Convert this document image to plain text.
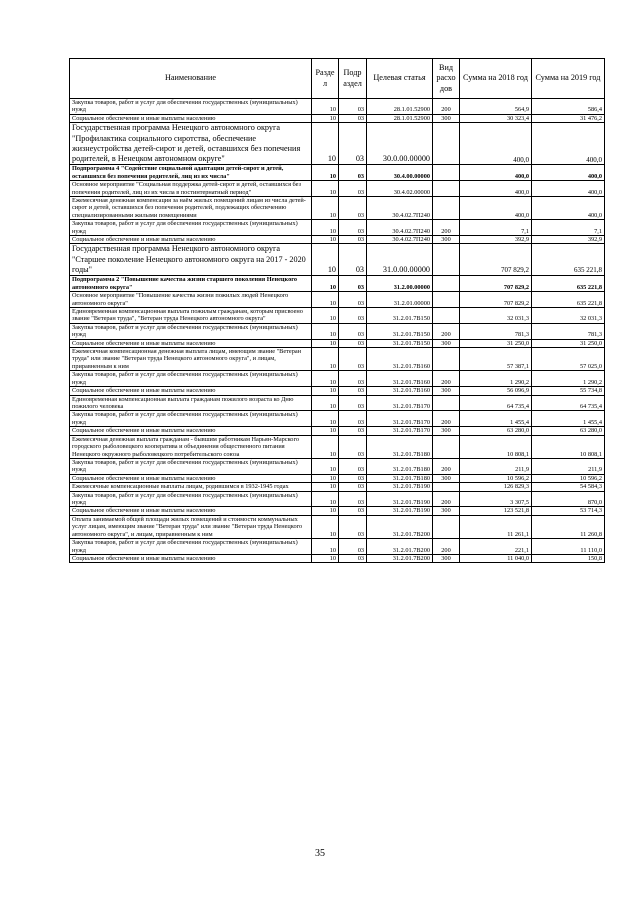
Наименование	Разде л	Подр аздел	Целевая статья	Вид расхо дов	Сумма на 2018 год	Сумма на 2019 год
Закупка товаров, работ и услуг для обеспечения государственных (муниципальных) нужд	10	03	28.1.01.52900	200	564,9	586,4
Социальное обеспечение и иные выплаты населению	10	03	28.1.01.52900	300	30 323,4	31 476,2
Государственная программа Ненецкого автономного округа "Профилактика социального сиротства, обеспечение жизнеустройства детей-сирот и детей, оставшихся без попечения родителей, в Ненецком автономном округе"	10	03	30.0.00.00000		400,0	400,0
Подпрограмма 4 "Содействие социальной адаптации детей-сирот и детей, оставшихся без попечения родителей, лиц из их числа"	10	03	30.4.00.00000		400,0	400,0
Основное мероприятие "Социальная поддержка детей-сирот и детей, оставшихся без попечения родителей, лиц из их числа в постинтернатный период"	10	03	30.4.02.00000		400,0	400,0
Ежемесячная денежная компенсация за наём жилых помещений лицам из числа детей-сирот и детей, оставшихся без попечения родителей, подлежащих обеспечению специализированными жилыми помещениями	10	03	30.4.02.7П240		400,0	400,0
Закупка товаров, работ и услуг для обеспечения государственных (муниципальных) нужд	10	03	30.4.02.7П240	200	7,1	7,1
Социальное обеспечение и иные выплаты населению	10	03	30.4.02.7П240	300	392,9	392,9
Государственная программа Ненецкого автономного округа "Старшее поколение Ненецкого автономного округа на 2017 - 2020 годы"	10	03	31.0.00.00000		707 829,2	635 221,8
Подпрограмма 2 "Повышение качества жизни старшего поколения Ненецкого автономного округа"	10	03	31.2.00.00000		707 829,2	635 221,8
Основное мероприятие "Повышение качества жизни пожилых людей Ненецкого автономного округа"	10	03	31.2.01.00000		707 829,2	635 221,8
Единовременная компенсационная выплата пожилым гражданам, которым присвоено звание "Ветеран труда", "Ветеран труда Ненецкого автономного округа"	10	03	31.2.01.7В150		32 031,3	32 031,3
Закупка товаров, работ и услуг для обеспечения государственных (муниципальных) нужд	10	03	31.2.01.7В150	200	781,3	781,3
Социальное обеспечение и иные выплаты населению	10	03	31.2.01.7В150	300	31 250,0	31 250,0
Ежемесячная компенсационная денежная выплата лицам, имеющим звание "Ветеран труда" или звание "Ветеран труда Ненецкого автономного округа", и лицам, приравненным к ним	10	03	31.2.01.7В160		57 387,1	57 025,0
Закупка товаров, работ и услуг для обеспечения государственных (муниципальных) нужд	10	03	31.2.01.7В160	200	1 290,2	1 290,2
Социальное обеспечение и иные выплаты населению	10	03	31.2.01.7В160	300	56 096,9	55 734,8
Единовременная компенсационная выплата гражданам пожилого возраста ко Дню пожилого человека	10	03	31.2.01.7В170		64 735,4	64 735,4
Закупка товаров, работ и услуг для обеспечения государственных (муниципальных) нужд	10	03	31.2.01.7В170	200	1 455,4	1 455,4
Социальное обеспечение и иные выплаты населению	10	03	31.2.01.7В170	300	63 280,0	63 280,0
Ежемесячная денежная выплата гражданам - бывшим работникам Нарьян-Марского городского рыболовецкого кооператива и объединения общественного питания Ненецкого окружного рыболовецкого потребительского союза	10	03	31.2.01.7В180		10 808,1	10 808,1
Закупка товаров, работ и услуг для обеспечения государственных (муниципальных) нужд	10	03	31.2.01.7В180	200	211,9	211,9
Социальное обеспечение и иные выплаты населению	10	03	31.2.01.7В180	300	10 596,2	10 596,2
Ежемесячные компенсационные выплаты лицам, родившимся в 1932-1945 годах	10	03	31.2.01.7В190		126 829,3	54 584,3
Закупка товаров, работ и услуг для обеспечения государственных (муниципальных) нужд	10	03	31.2.01.7В190	200	3 307,5	870,0
Социальное обеспечение и иные выплаты населению	10	03	31.2.01.7В190	300	123 521,8	53 714,3
Оплата занимаемой общей площади жилых помещений и стоимости коммунальных услуг лицам, имеющим звание "Ветеран труда" или звание "Ветеран труда Ненецкого автономного округа", и лицам, приравненным к ним	10	03	31.2.01.7В200		11 261,1	11 260,8
Закупка товаров, работ и услуг для обеспечения государственных (муниципальных) нужд	10	03	31.2.01.7В200	200	221,1	11 110,0
Социальное обеспечение и иные выплаты населению	10	03	31.2.01.7В200	300	11 040,0	150,8
35
